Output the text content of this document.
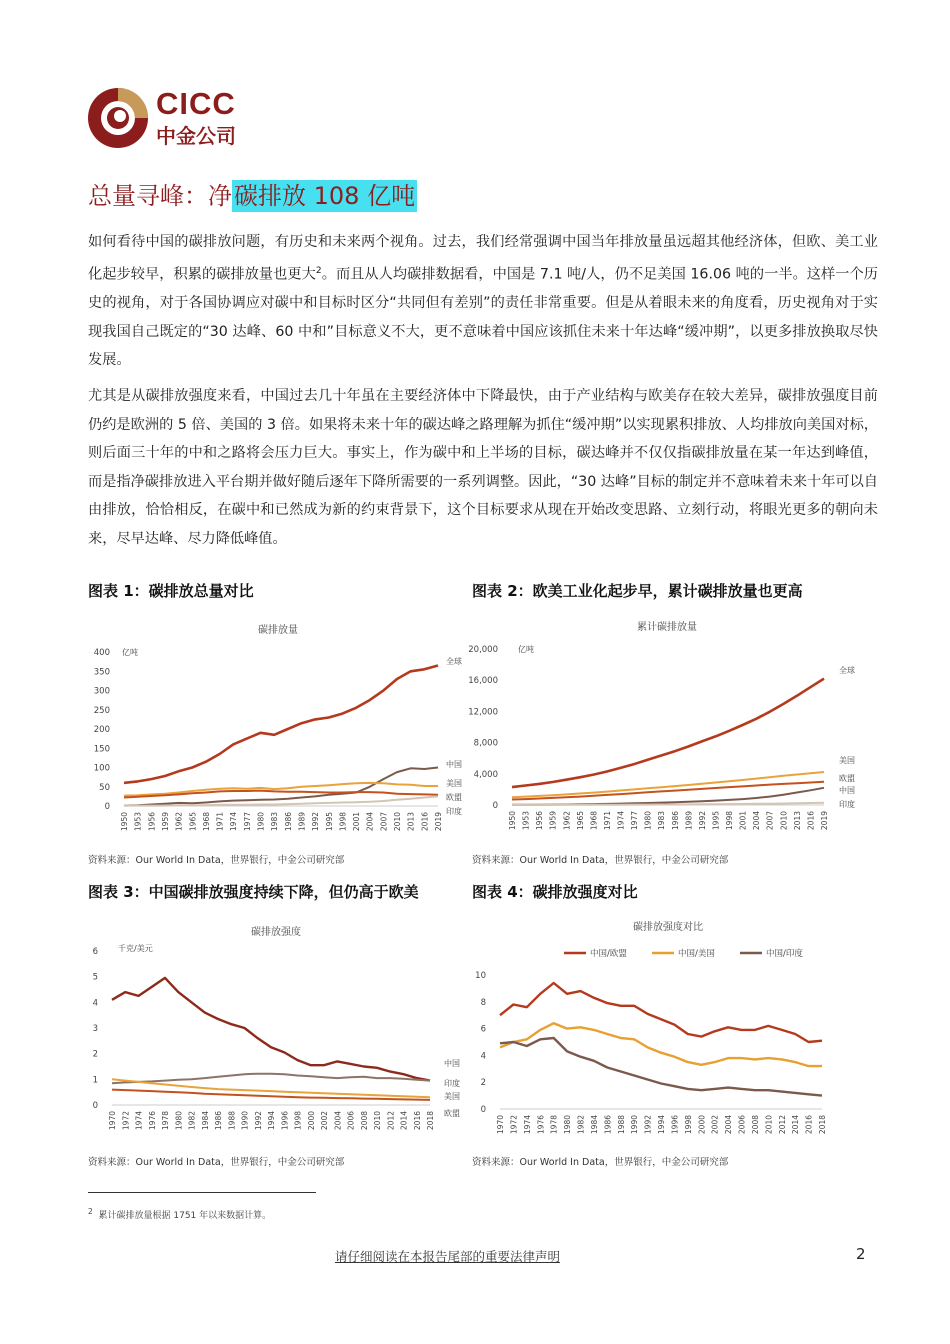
CICC
中金公司
总量寻峰：净碳排放 108 亿吨
如何看待中国的碳排放问题，有历史和未来两个视角。过去，我们经常强调中国当年排放量虽远超其他经济体，但欧、美工业化起步较早，积累的碳排放量也更大$^2$。而且从人均碳排数据看，中国是 7.1 吨/人，仍不足美国 16.06 吨的一半。这样一个历史的视角，对于各国协调应对碳中和目标时区分“共同但有差别”的责任非常重要。但是从着眼未来的角度看，历史视角对于实现我国自己既定的“30 达峰、60 中和”目标意义不大，更不意味着中国应该抓住未来十年达峰“缓冲期”，以更多排放换取尽快发展。
尤其是从碳排放强度来看，中国过去几十年虽在主要经济体中下降最快，由于产业结构与欧美存在较大差异，碳排放强度目前仍约是欧洲的 5 倍、美国的 3 倍。如果将未来十年的碳达峰之路理解为抓住“缓冲期”以实现累积排放、人均排放向美国对标，则后面三十年的中和之路将会压力巨大。事实上，作为碳中和上半场的目标，碳达峰并不仅仅指碳排放量在某一年达到峰值，而是指净碳排放进入平台期并做好随后逐年下降所需要的一系列调整。因此，“30 达峰”目标的制定并不意味着未来十年可以自由排放，恰恰相反，在碳中和已然成为新的约束背景下，这个目标要求从现在开始改变思路、立刻行动，将眼光更多的朝向未来，尽早达峰、尽力降低峰值。
图表 1：碳排放总量对比	图表 2：欧美工业化起步早，累计碳排放量也更高
图表 3：中国碳排放强度持续下降，但仍高于欧美	图表 4：碳排放强度对比
碳排放量
亿吨
0
50
100
150
200
250
300
350
400
1950 1953 1956 1959 1962 1965 1968 1971 1974 1977 1980 1983 1986 1989 1992 1995 1998 2001 2004 2007 2010 2013 2016 2019
全球
中国
美国
欧盟
印度
累计碳排放量
亿吨
0
4,000
8,000
12,000
16,000
20,000
1950 1953 1956 1959 1962 1965 1968 1971 1974 1977 1980 1983 1986 1989 1992 1995 1998 2001 2004 2007 2010 2013 2016 2019
全球
美国
欧盟
中国
印度
碳排放强度
千克/美元
0
1
2
3
4
5
6
1970 1972 1974 1976 1978 1980 1982 1984 1986 1988 1990 1992 1994 1996 1998 2000 2002 2004 2006 2008 2010 2012 2014 2016 2018
中国
印度
美国
欧盟
碳排放强度对比
0
2
4
6
8
10
1970 1972 1974 1976 1978 1980 1982 1984 1986 1988 1990 1992 1994 1996 1998 2000 2002 2004 2006 2008 2010 2012 2014 2016 2018
中国/欧盟	中国/美国	中国/印度
资料来源：Our World In Data，世界银行，中金公司研究部	资料来源：Our World In Data，世界银行，中金公司研究部
资料来源：Our World In Data，世界银行，中金公司研究部	资料来源：Our World In Data，世界银行，中金公司研究部
$^2$ 累计碳排放量根据 1751 年以来数据计算。
请仔细阅读在本报告尾部的重要法律声明	2
